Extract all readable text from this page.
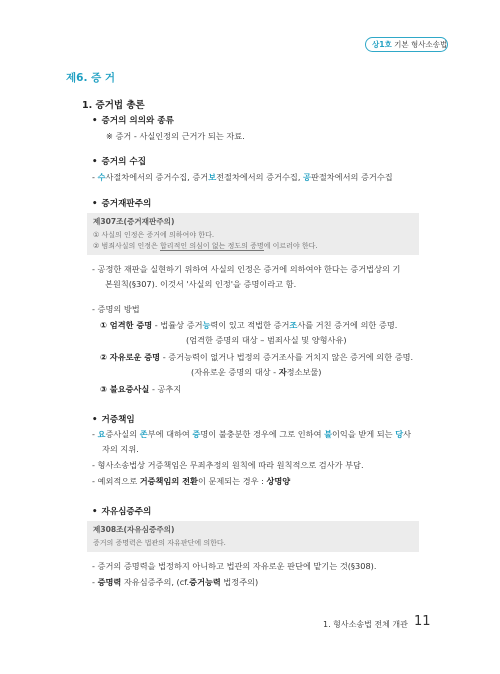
상1호 기본 형사소송법
제6. 증 거
1. 증거법 총론
• 증거의 의의와 종류
※ 증거 - 사실인정의 근거가 되는 자료.
• 증거의 수집
- 수사절차에서의 증거수집, 증거보전절차에서의 증거수집, 공판절차에서의 증거수집
• 증거재판주의
제307조(증거재판주의)
① 사실의 인정은 증거에 의하여야 한다.
② 범죄사실의 인정은 합리적인 의심이 없는 정도의 증명에 이르러야 한다.
- 공정한 재판을 실현하기 위하여 사실의 인정은 증거에 의하여야 한다는 증거법상의 기
본원칙(§307). 이것서 '사실의 인정'을 증명이라고 함.
- 증명의 방법
① 엄격한 증명 - 법률상 증거능력이 있고 적법한 증거조사를 거친 증거에 의한 증명.
(엄격한 증명의 대상 – 범죄사실 및 양형사유)
② 자유로운 증명 - 증거능력이 없거나 법정의 증거조사를 거치지 않은 증거에 의한 증명.
(자유로운 증명의 대상 - 자정소보물)
③ 불요증사실 - 공추지
• 거증책임
- 요증사실의 존부에 대하여 증명이 불충분한 경우에 그로 인하여 불이익을 받게 되는 당사
자의 지위.
- 형사소송법상 거증책임은 무죄추정의 원칙에 따라 원칙적으로 검사가 부담.
- 예외적으로 거증책임의 전환이 문제되는 경우 : 상명양
• 자유심증주의
제308조(자유심증주의)
증거의 증명력은 법관의 자유판단에 의한다.
- 증거의 증명력을 법정하지 아니하고 법관의 자유로운 판단에 맡기는 것(§308).
- 증명력 자유심증주의, (cf.증거능력 법정주의)
1. 형사소송법 전체 개관 11
